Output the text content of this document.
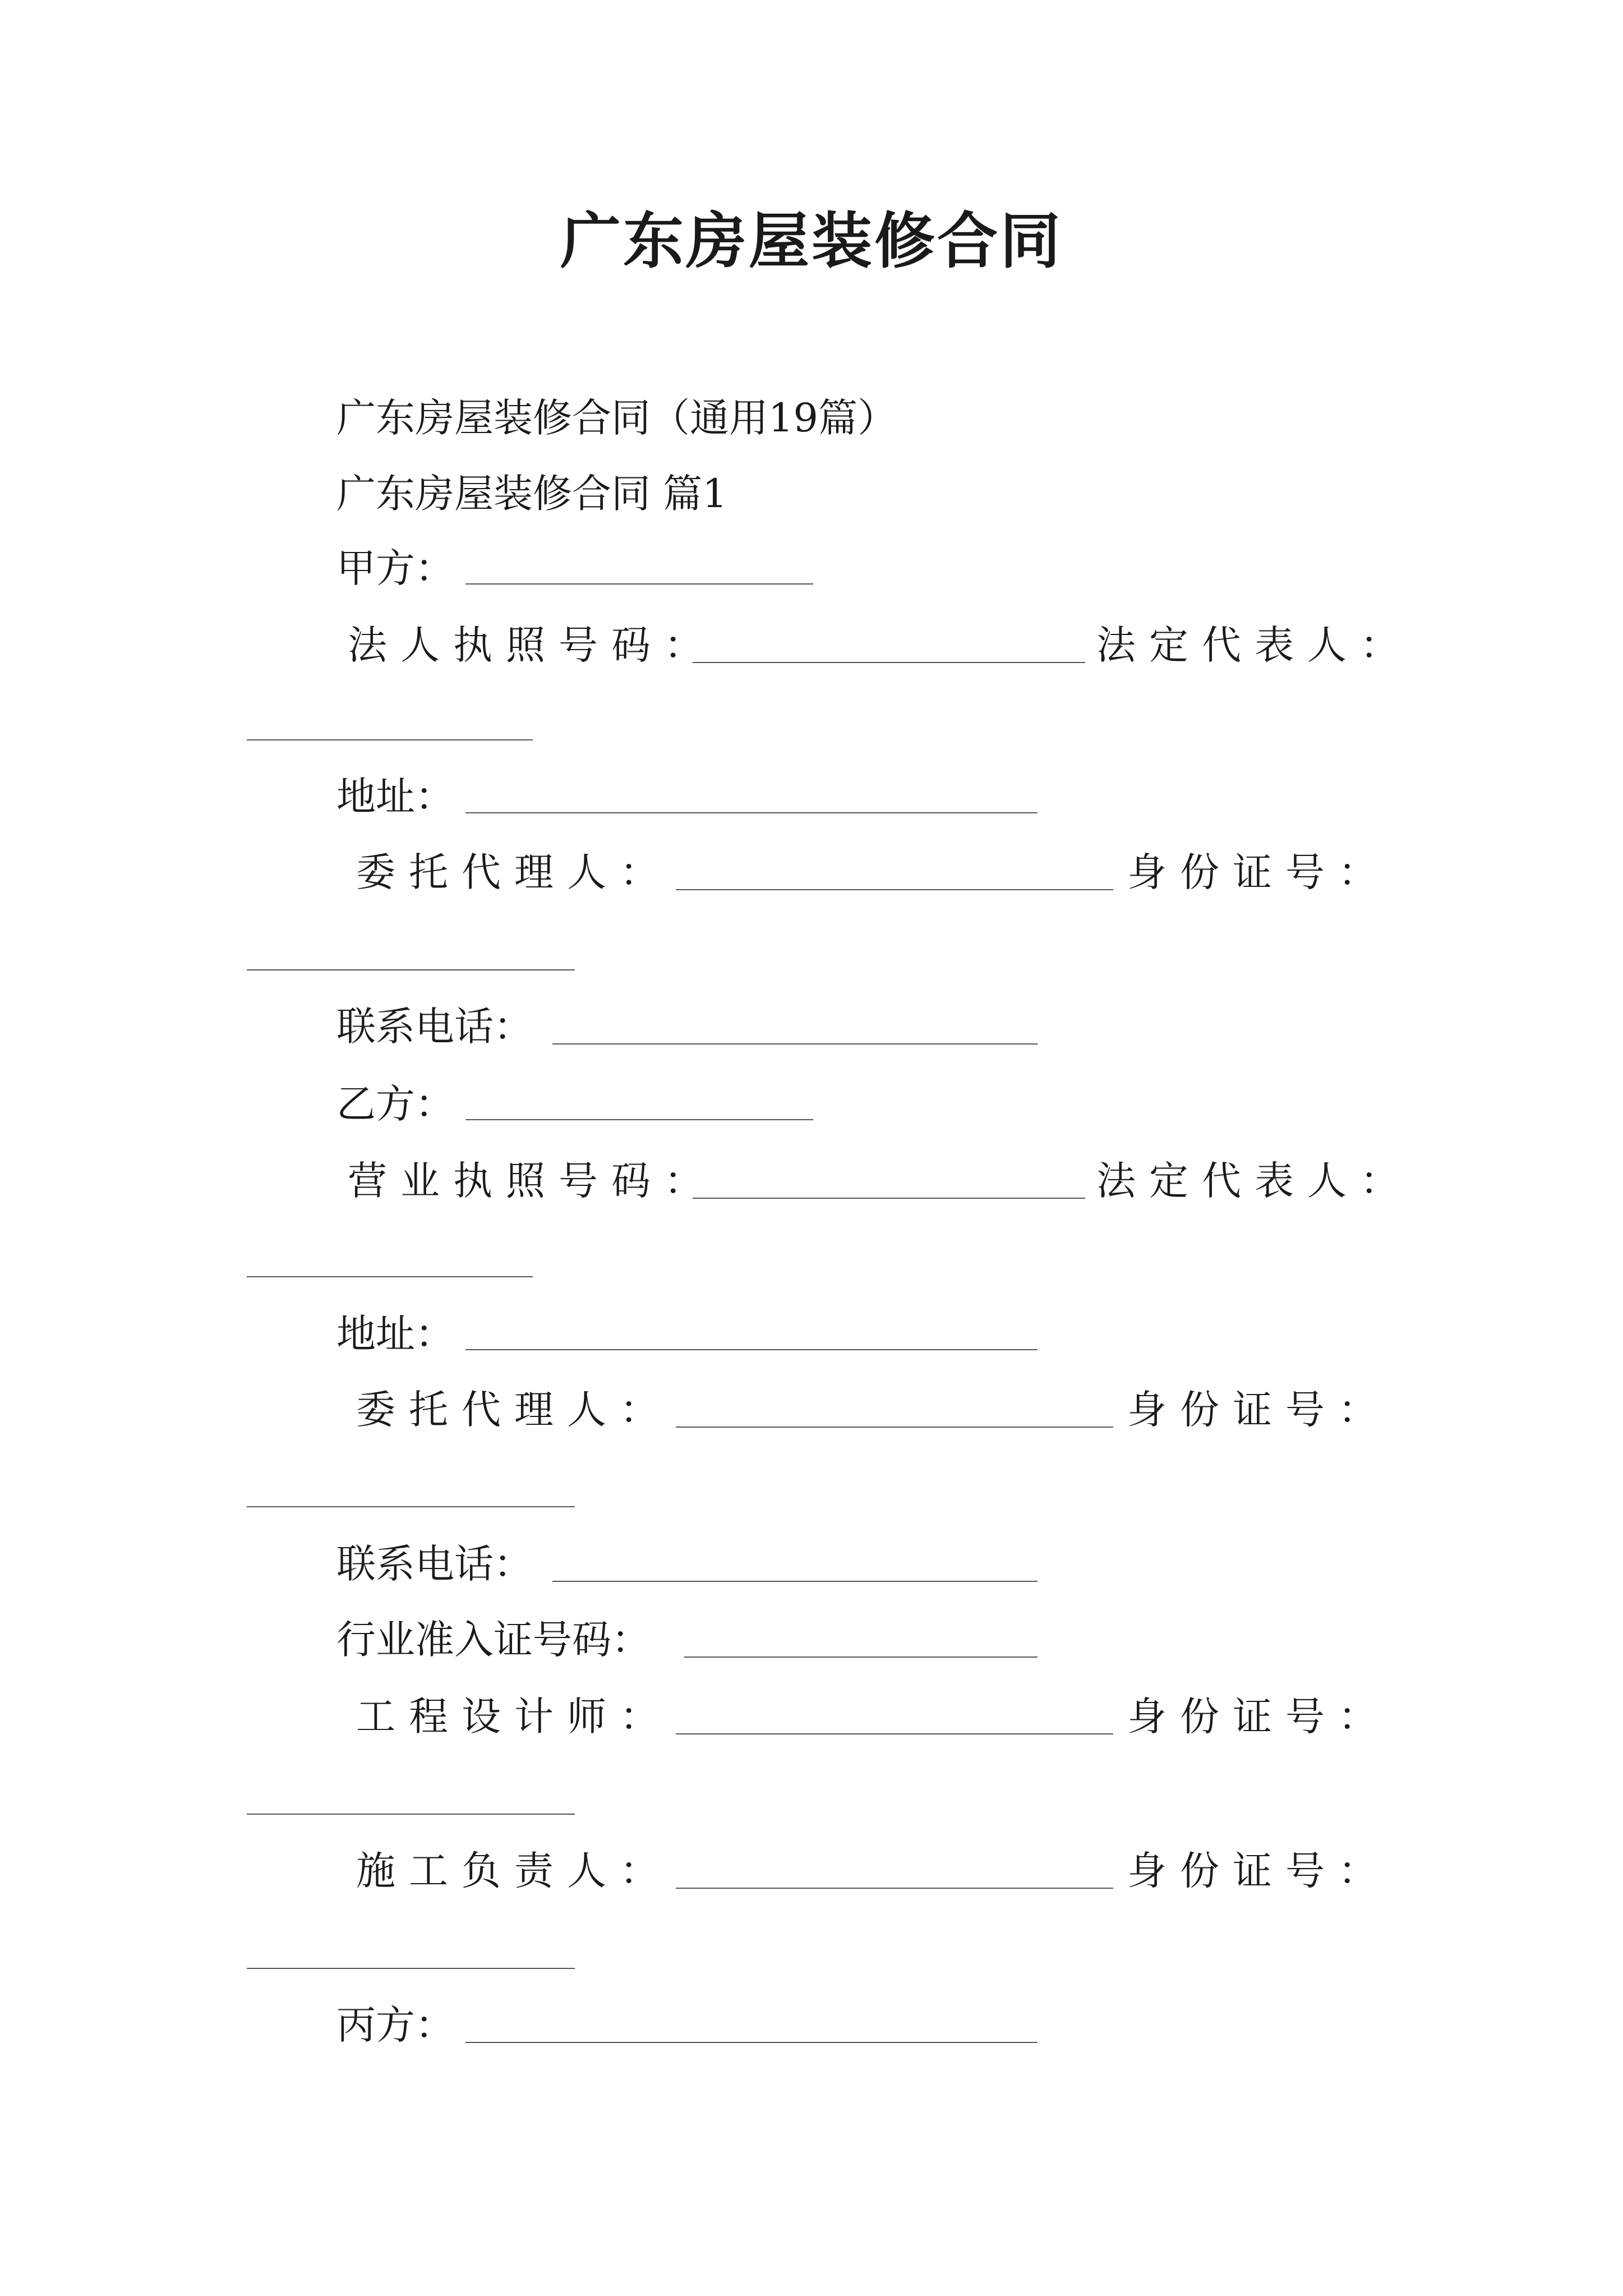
广东房屋装修合同
广东房屋装修合同（通用19篇）
广东房屋装修合同 篇1
甲方：
法人执照号码：	法定代表人：
地址：
委托代理人：	身份证号：
联系电话：
乙方：
营业执照号码：	法定代表人：
地址：
委托代理人：	身份证号：
联系电话：
行业准入证号码：
工程设计师：	身份证号：
施工负责人：	身份证号：
丙方：
